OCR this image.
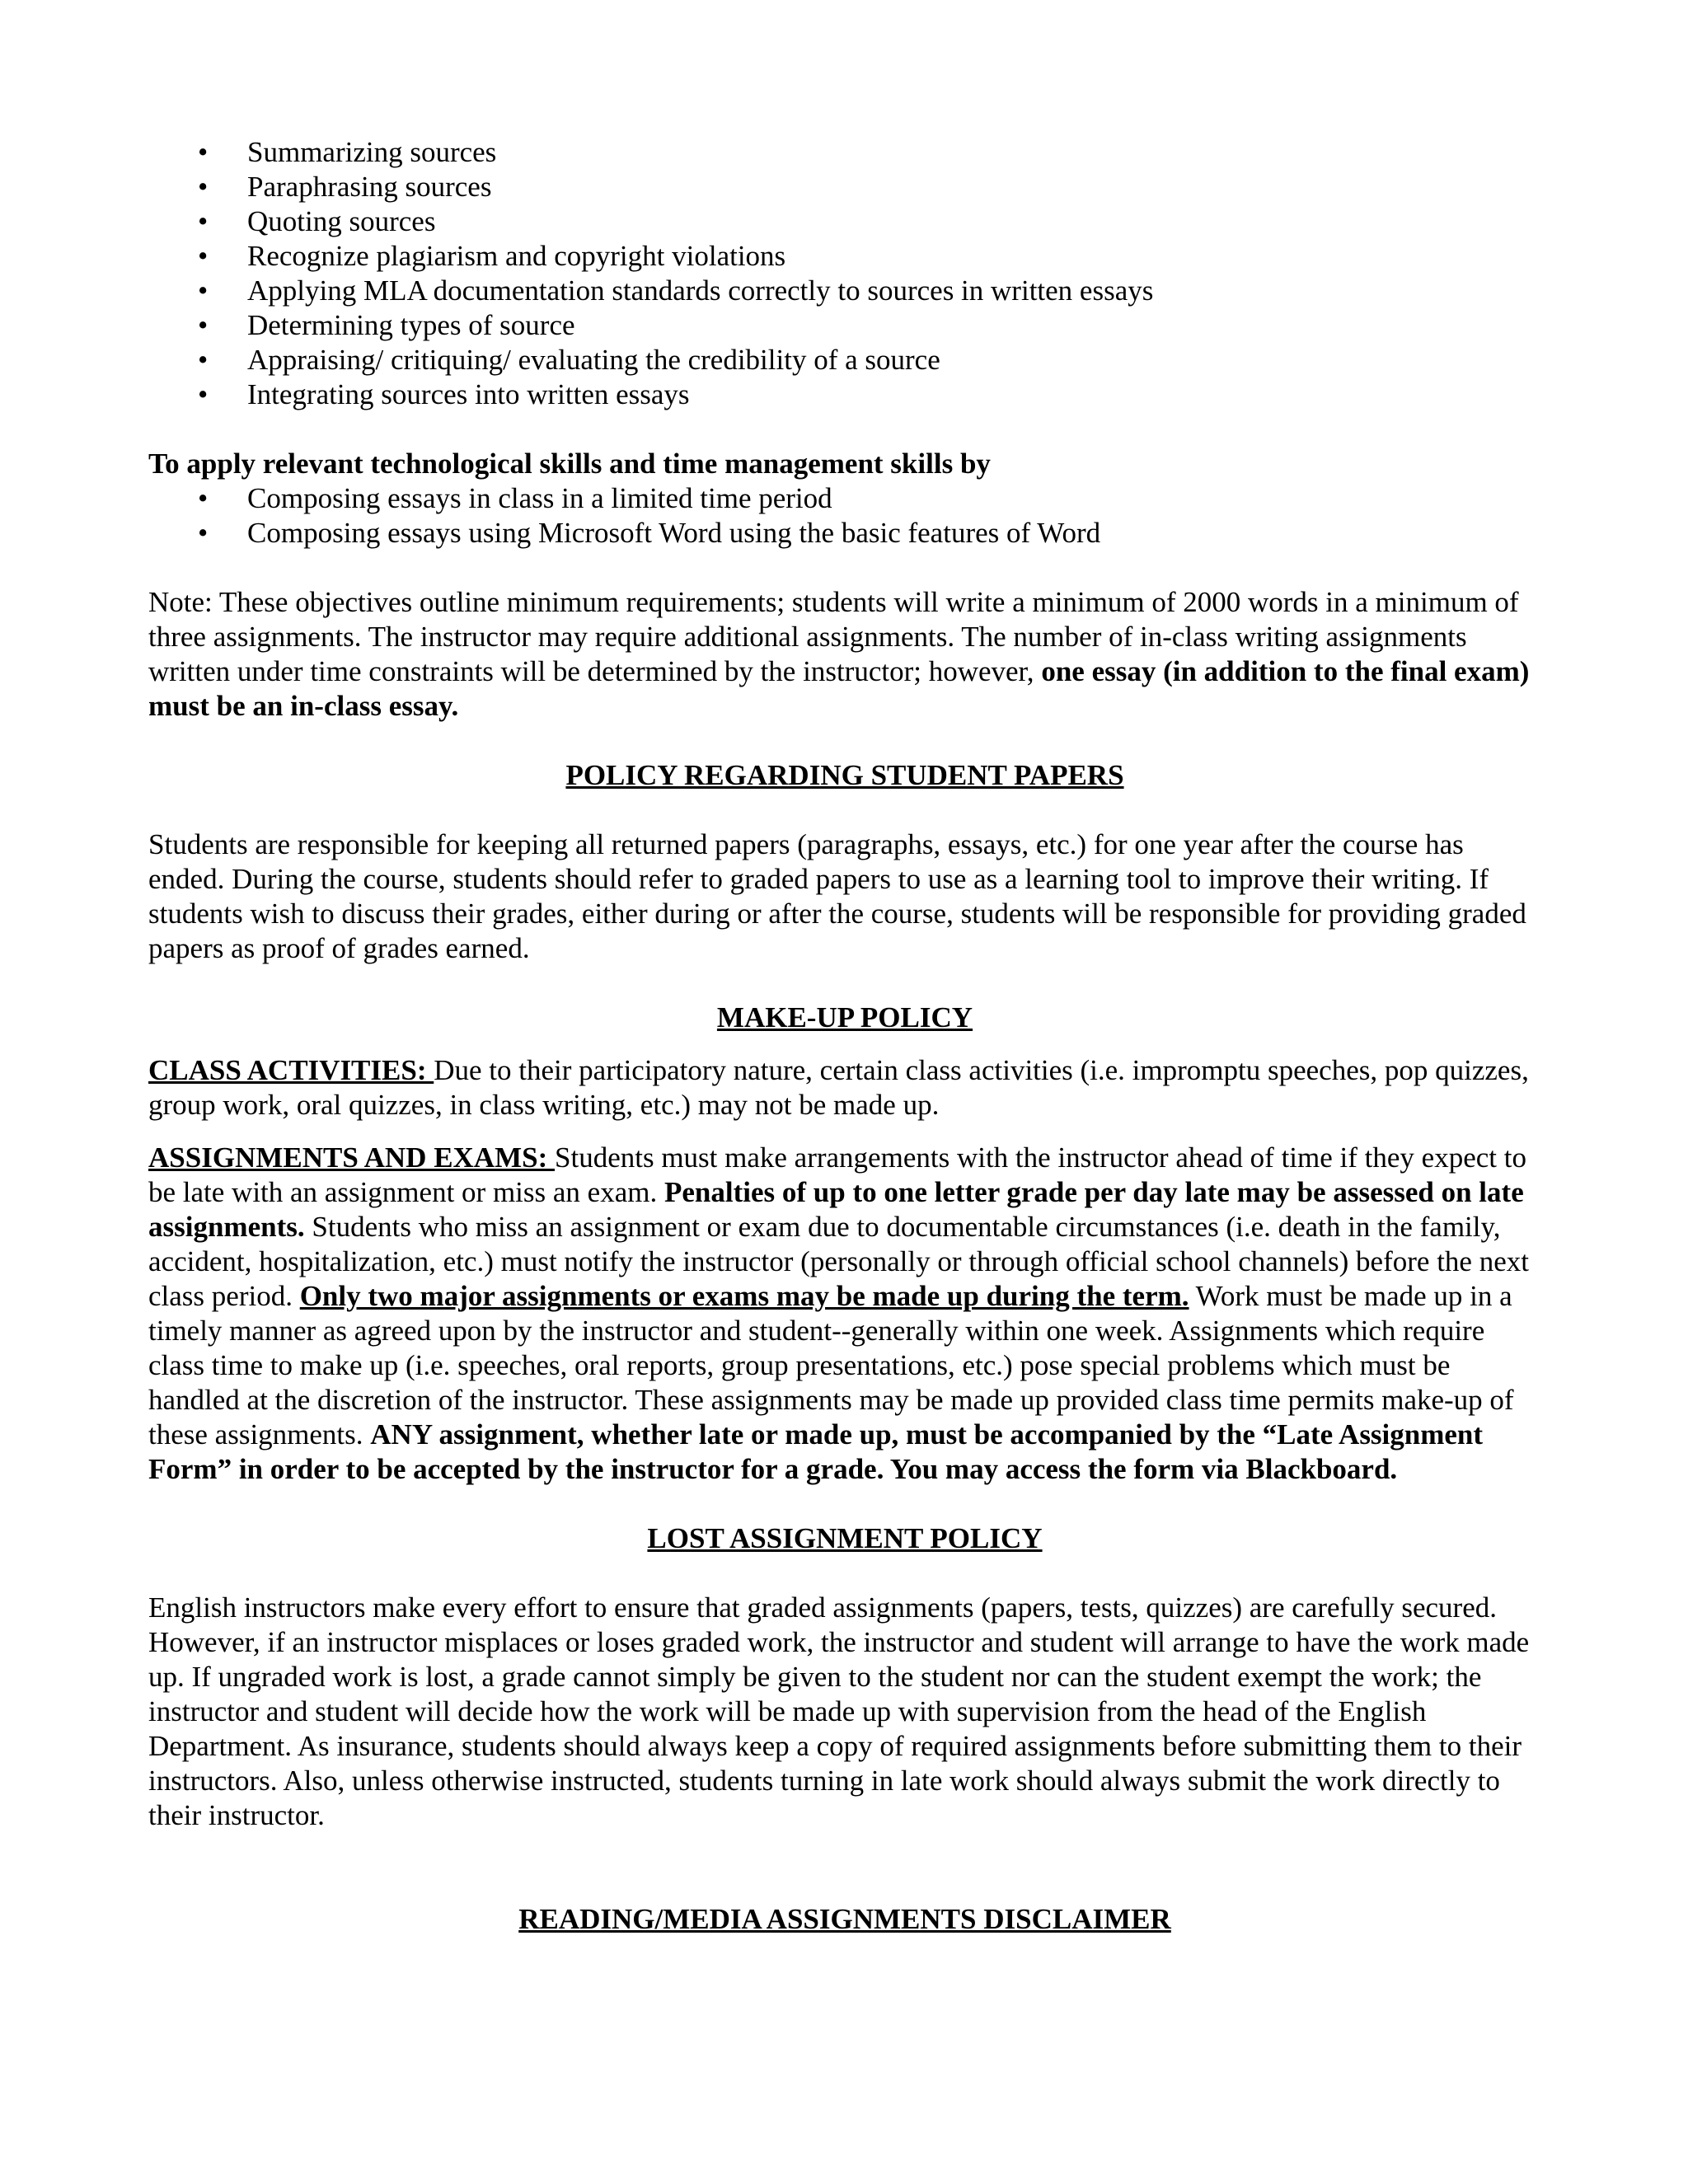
• Summarizing sources
• Paraphrasing sources
• Quoting sources
• Recognize plagiarism and copyright violations
• Applying MLA documentation standards correctly to sources in written essays
• Determining types of source
• Appraising/ critiquing/ evaluating the credibility of a source
• Integrating sources into written essays

To apply relevant technological skills and time management skills by

• Composing essays in class in a limited time period
• Composing essays using Microsoft Word using the basic features of Word

Note: These objectives outline minimum requirements; students will write a minimum of 2000 words in a minimum of three assignments. The instructor may require additional assignments. The number of in-class writing assignments written under time constraints will be determined by the instructor; however, one essay (in addition to the final exam) must be an in-class essay.

POLICY REGARDING STUDENT PAPERS

Students are responsible for keeping all returned papers (paragraphs, essays, etc.) for one year after the course has ended. During the course, students should refer to graded papers to use as a learning tool to improve their writing. If students wish to discuss their grades, either during or after the course, students will be responsible for providing graded papers as proof of grades earned.

MAKE-UP POLICY

CLASS ACTIVITIES: Due to their participatory nature, certain class activities (i.e. impromptu speeches, pop quizzes, group work, oral quizzes, in class writing, etc.) may not be made up.

ASSIGNMENTS AND EXAMS: Students must make arrangements with the instructor ahead of time if they expect to be late with an assignment or miss an exam. Penalties of up to one letter grade per day late may be assessed on late assignments. Students who miss an assignment or exam due to documentable circumstances (i.e. death in the family, accident, hospitalization, etc.) must notify the instructor (personally or through official school channels) before the next class period. Only two major assignments or exams may be made up during the term. Work must be made up in a timely manner as agreed upon by the instructor and student--generally within one week. Assignments which require class time to make up (i.e. speeches, oral reports, group presentations, etc.) pose special problems which must be handled at the discretion of the instructor. These assignments may be made up provided class time permits make-up of these assignments. ANY assignment, whether late or made up, must be accompanied by the “Late Assignment Form” in order to be accepted by the instructor for a grade. You may access the form via Blackboard.

LOST ASSIGNMENT POLICY

English instructors make every effort to ensure that graded assignments (papers, tests, quizzes) are carefully secured. However, if an instructor misplaces or loses graded work, the instructor and student will arrange to have the work made up. If ungraded work is lost, a grade cannot simply be given to the student nor can the student exempt the work; the instructor and student will decide how the work will be made up with supervision from the head of the English Department. As insurance, students should always keep a copy of required assignments before submitting them to their instructors. Also, unless otherwise instructed, students turning in late work should always submit the work directly to their instructor.

READING/MEDIA ASSIGNMENTS DISCLAIMER
